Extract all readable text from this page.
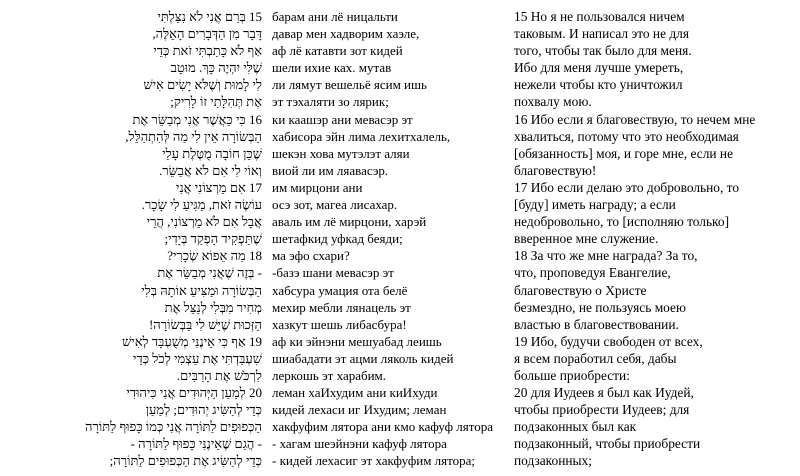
15 בְּרַם אֲנִי לֹא נִצַּלְתִּי
דָּבָר מִן הַדְּבָרִים הָאֵלֶּה,
אַף לֹא כָּתַבְתִּי זֹאת כְּדֵי
שֶׁלִּי יִהְיֶה כָּךְ. מוּטָב
לִי לָמוּת וְשֶׁלֹּא יָשִׂים אִישׁ
אֶת תְּהִלָּתִי זוֹ לָרִיק;
16 כִּי כַּאֲשֶׁר אֲנִי מְבַשֵּׂר אֶת
הַבְּשׂוֹרָה אֵין לִי מַה לְּהִתְהַלֵּל,
שֶׁכֵּן חוֹבָה מֻטֶּלֶת עָלַי
וְאוֹי לִי אִם לֹא אֲבַשֵּׂר.
17 אִם מֵרְצוֹנִי אֲנִי
עוֹשֶׂה זֹאת, מַגִּיעַ לִי שָׂכָר.
אֲבָל אִם לֹא מֵרְצוֹנִי, הֲרֵי
שֶׁתַּפְקִיד הָפְקַד בְּיָדִי;
18 מַה אֵפוֹא שְׂכָרִי?
- בְּזֶה שֶׁאֲנִי מְבַשֵּׂר אֶת
הַבְּשׂוֹרָה וּמַצִּיעַ אוֹתָהּ בְּלִי
מְחִיר מִבְּלִי לְנַצֵּל אֶת
הַזְּכוּת שֶׁיֵּשׁ לִי בַּבְּשׂוֹרָה!
19 אַף כִּי אֵינֶנִּי מְשֻׁעְבָּד לְאִישׁ
שִׁעְבַּדְתִּי אֶת עַצְמִי לְכֹל כְּדֵי
לִרְכֹּשׁ אֶת הָרַבִּים.
20 לְמַעַן הַיְּהוּדִים אֲנִי כִּיהוּדִי
כְּדֵי לְהַשִּׂיג יְהוּדִים; לְמַעַן
הַכְּפוּפִים לַתּוֹרָה אֲנִי כְּמוֹ כָּפוּף לַתּוֹרָה
- הֲגַם שֶׁאֵינֶנִּי כָּפוּף לַתּוֹרָה -
כְּדֵי לְהַשִּׂיג אֶת הַכְּפוּפִים לַתּוֹרָה;
барам ани лё ницальти
давар мен хадворим хаэле,
аф лё катавти зот кидей
шели ихие ках. мутав
ли лямут вешельё ясим ишь
эт тэхаляти зо лярик;
ки каашэр ани мевасэр эт
хабисора эйн лима лехитхалель,
шекэн хова мутэлэт аляи
виой ли им ляавасэр.
им мирцони ани
осэ зот, магеа лисахар.
аваль им лё мирцони, харэй
шетафкид уфкад беяди;
ма эфо схари?
-базэ шани мевасэр эт
хабсура умация ота белё
мехир мебли лянацель эт
хазкут шешь либасбура!
аф ки эйнэни мешуабад леишь
шиабадати эт ацми ляколь кидей
леркошь эт харабим.
леман хаИхудим ани киИхуди
кидей лехаси иг Ихудим; леман
хакфуфим лятора ани кмо кафуф лятора
- хагам шеэйнэни кафуф лятора
- кидей лехасиг эт хакфуфим лятора;
15 Но я не пользовался ничем
таковым. И написал это не для
того, чтобы так было для меня.
Ибо для меня лучше умереть,
нежели чтобы кто уничтожил
похвалу мою.
16 Ибо если я благовествую, то нечем мне
хвалиться, потому что это необходимая
[обязанность] моя, и горе мне, если не
благовествую!
17 Ибо если делаю это добровольно, то
[буду] иметь награду; а если
недобровольно, то [исполняю только]
вверенное мне служение.
18 За что же мне награда? За то,
что, проповедуя Евангелие,
благовествую о Христе
безмездно, не пользуясь моею
властью в благовествовании.
19 Ибо, будучи свободен от всех,
я всем поработил себя, дабы
больше приобрести:
20 для Иудеев я был как Иудей,
чтобы приобрести Иудеев; для
подзаконных был как
подзаконный, чтобы приобрести
подзаконных;
